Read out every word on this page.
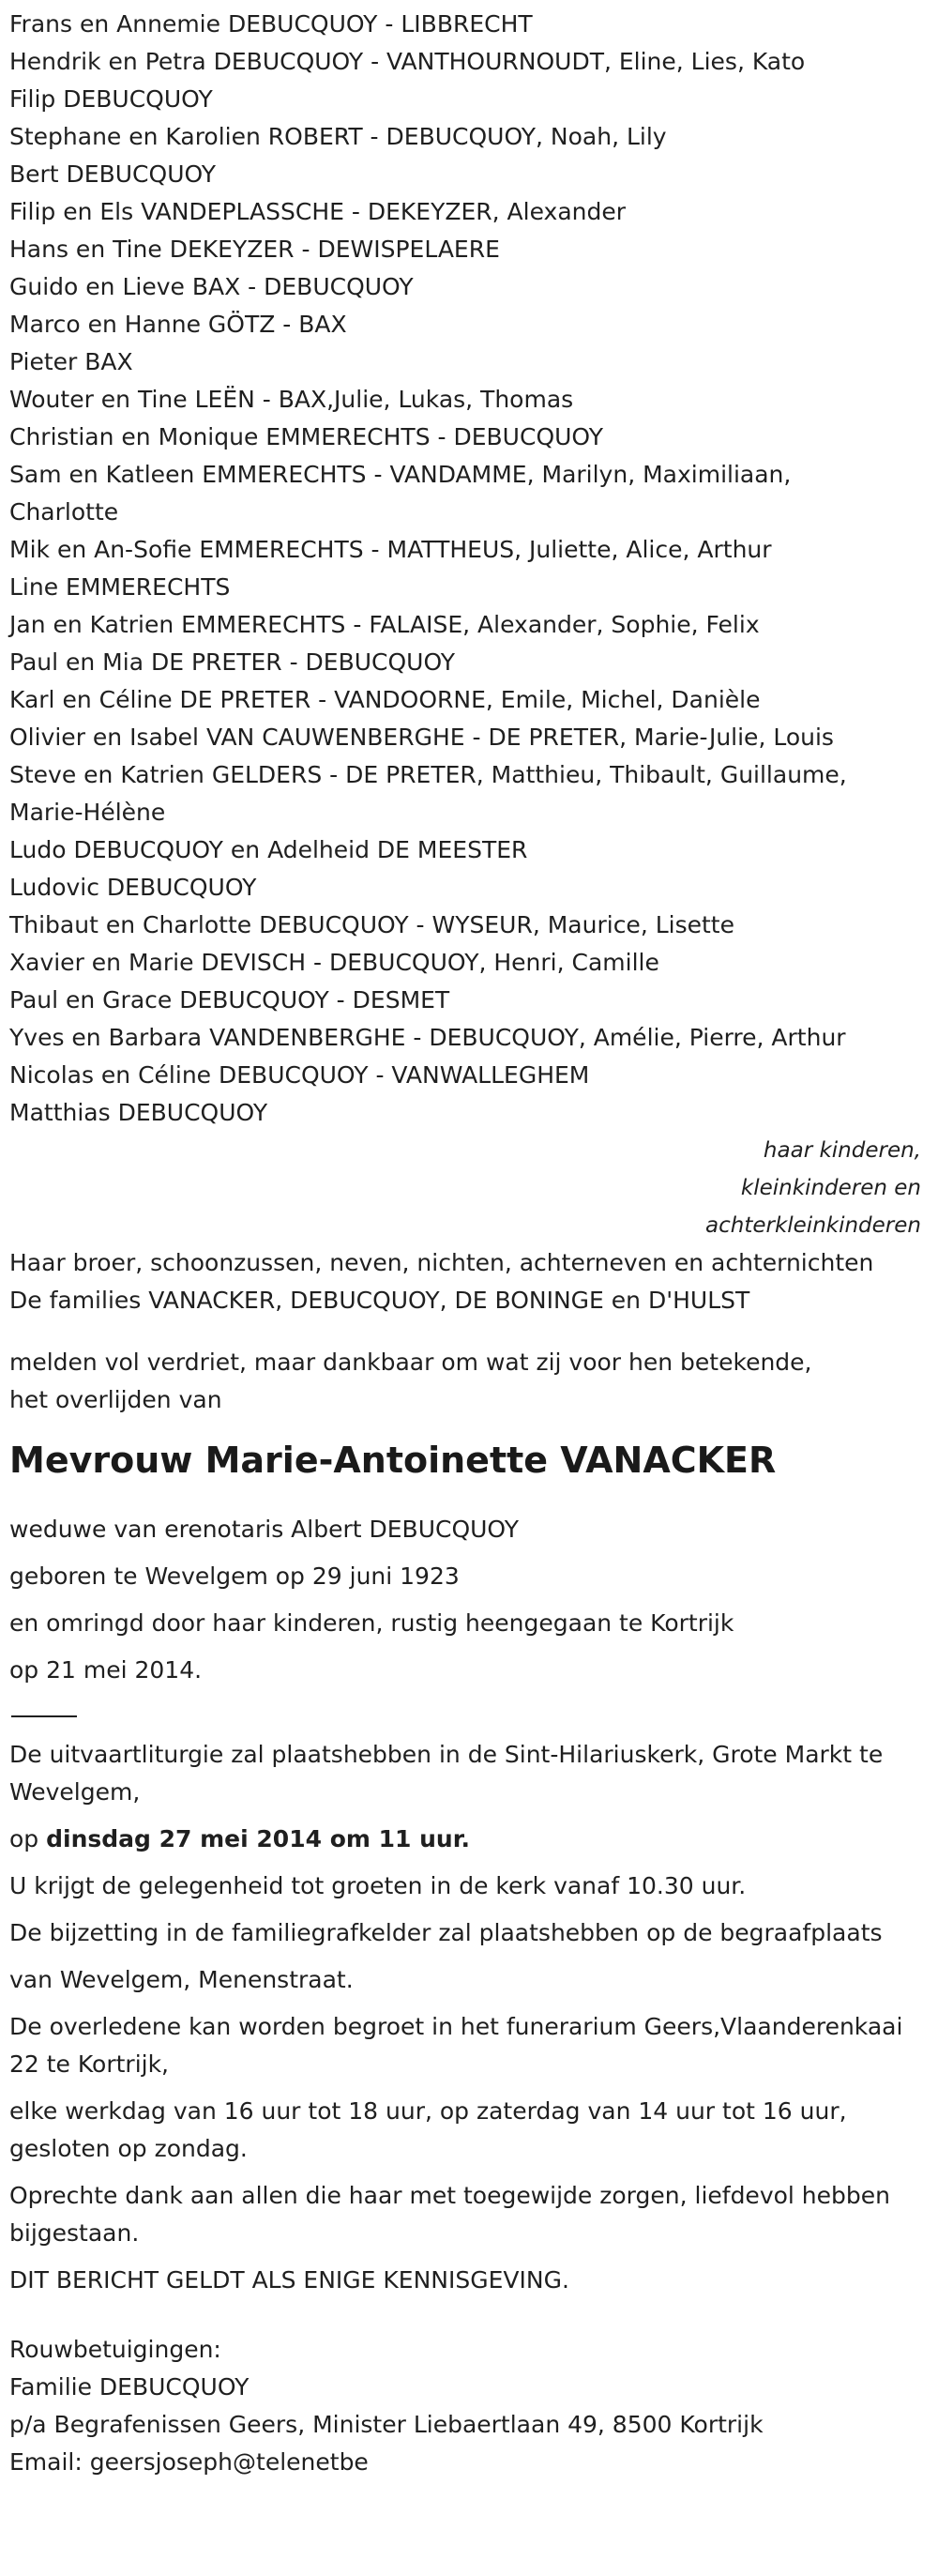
Frans en Annemie DEBUCQUOY - LIBBRECHT

Hendrik en Petra DEBUCQUOY - VANTHOURNOUDT, Eline, Lies, Kato

Filip DEBUCQUOY

Stephane en Karolien ROBERT - DEBUCQUOY, Noah, Lily

Bert DEBUCQUOY

Filip en Els VANDEPLASSCHE - DEKEYZER, Alexander

Hans en Tine DEKEYZER - DEWISPELAERE

Guido en Lieve BAX - DEBUCQUOY

Marco en Hanne GÖTZ - BAX

Pieter BAX

Wouter en Tine LEËN - BAX,Julie, Lukas, Thomas

Christian en Monique EMMERECHTS - DEBUCQUOY

Sam en Katleen EMMERECHTS - VANDAMME, Marilyn, Maximiliaan, Charlotte

Mik en An-Sofie EMMERECHTS - MATTHEUS, Juliette, Alice, Arthur

Line EMMERECHTS

Jan en Katrien EMMERECHTS - FALAISE, Alexander, Sophie, Felix

Paul en Mia DE PRETER - DEBUCQUOY

Karl en Céline DE PRETER - VANDOORNE, Emile, Michel, Danièle

Olivier en Isabel VAN CAUWENBERGHE - DE PRETER, Marie-Julie, Louis

Steve en Katrien GELDERS - DE PRETER, Matthieu, Thibault, Guillaume, Marie-Hélène

Ludo DEBUCQUOY en Adelheid DE MEESTER

Ludovic DEBUCQUOY

Thibaut en Charlotte DEBUCQUOY - WYSEUR, Maurice, Lisette

Xavier en Marie DEVISCH - DEBUCQUOY, Henri, Camille

Paul en Grace DEBUCQUOY - DESMET

Yves en Barbara VANDENBERGHE - DEBUCQUOY, Amélie, Pierre, Arthur

Nicolas en Céline DEBUCQUOY - VANWALLEGHEM

Matthias DEBUCQUOY

haar kinderen,

kleinkinderen en

achterkleinkinderen

Haar broer, schoonzussen, neven, nichten, achterneven en achternichten

De families VANACKER, DEBUCQUOY, DE BONINGE en D'HULST

melden vol verdriet, maar dankbaar om wat zij voor hen betekende,

het overlijden van

Mevrouw Marie-Antoinette VANACKER

weduwe van erenotaris Albert DEBUCQUOY

geboren te Wevelgem op 29 juni 1923

en omringd door haar kinderen, rustig heengegaan te Kortrijk

op 21 mei 2014.

De uitvaartliturgie zal plaatshebben in de Sint-Hilariuskerk, Grote Markt te Wevelgem,

op dinsdag 27 mei 2014 om 11 uur.

U krijgt de gelegenheid tot groeten in de kerk vanaf 10.30 uur.

De bijzetting in de familiegrafkelder zal plaatshebben op de begraafplaats

van Wevelgem, Menenstraat.

De overledene kan worden begroet in het funerarium Geers,Vlaanderenkaai 22 te Kortrijk,

elke werkdag van 16 uur tot 18 uur, op zaterdag van 14 uur tot 16 uur, gesloten op zondag.

Oprechte dank aan allen die haar met toegewijde zorgen, liefdevol hebben bijgestaan.

DIT BERICHT GELDT ALS ENIGE KENNISGEVING.

Rouwbetuigingen:

Familie DEBUCQUOY

p/a Begrafenissen Geers, Minister Liebaertlaan 49, 8500 Kortrijk

Email: geersjoseph@telenetbe
